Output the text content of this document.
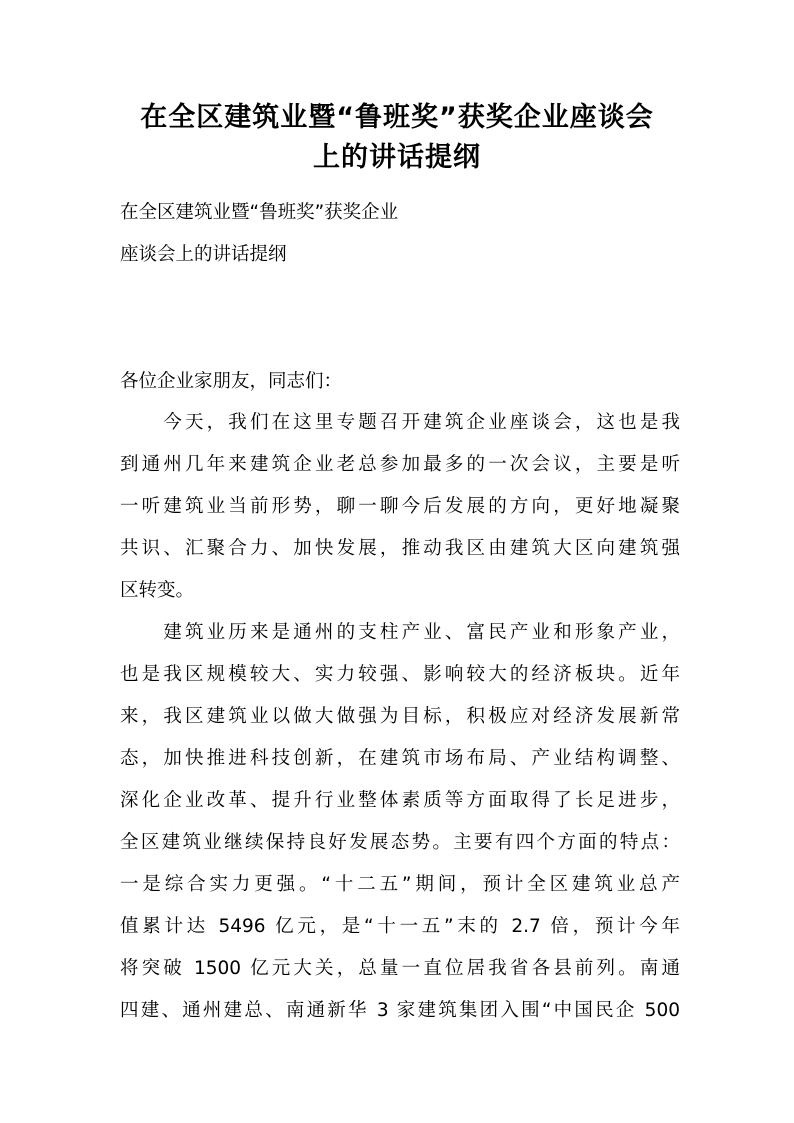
在全区建筑业暨“鲁班奖”获奖企业座谈会
上的讲话提纲
在全区建筑业暨“鲁班奖”获奖企业
座谈会上的讲话提纲
各位企业家朋友，同志们：
　　今天，我们在这里专题召开建筑企业座谈会，这也是我
到通州几年来建筑企业老总参加最多的一次会议，主要是听
一听建筑业当前形势，聊一聊今后发展的方向，更好地凝聚
共识、汇聚合力、加快发展，推动我区由建筑大区向建筑强
区转变。
　　建筑业历来是通州的支柱产业、富民产业和形象产业，
也是我区规模较大、实力较强、影响较大的经济板块。近年
来，我区建筑业以做大做强为目标，积极应对经济发展新常
态，加快推进科技创新，在建筑市场布局、产业结构调整、
深化企业改革、提升行业整体素质等方面取得了长足进步，
全区建筑业继续保持良好发展态势。主要有四个方面的特点：
一是综合实力更强。“十二五”期间，预计全区建筑业总产
值累计达 5496 亿元，是“十一五”末的 2.7 倍，预计今年
将突破 1500 亿元大关，总量一直位居我省各县前列。南通
四建、通州建总、南通新华 3 家建筑集团入围“中国民企 500
